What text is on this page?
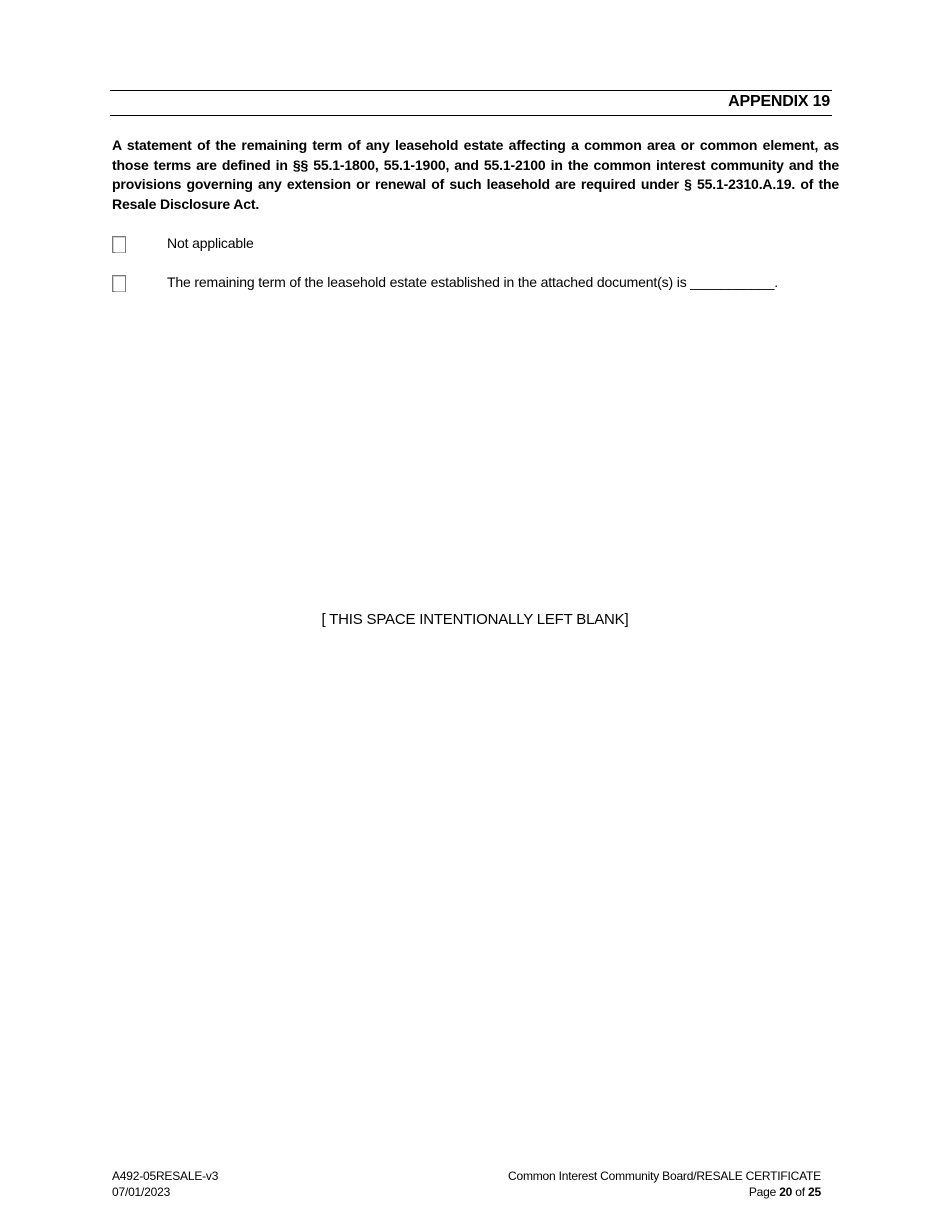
APPENDIX 19
A statement of the remaining term of any leasehold estate affecting a common area or common element, as those terms are defined in §§ 55.1-1800, 55.1-1900, and 55.1-2100 in the common interest community and the provisions governing any extension or renewal of such leasehold are required under § 55.1-2310.A.19. of the Resale Disclosure Act.
Not applicable
The remaining term of the leasehold estate established in the attached document(s) is ___________.
[ THIS SPACE INTENTIONALLY LEFT BLANK]
A492-05RESALE-v3
07/01/2023
Common Interest Community Board/RESALE CERTIFICATE
Page 20 of 25
